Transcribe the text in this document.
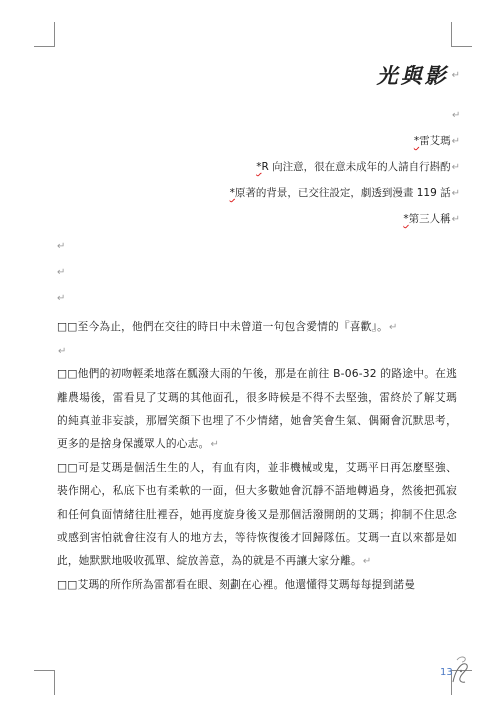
光與影 ↵
↵
*雷艾瑪↵
*R 向注意，很在意未成年的人請自行斟酌↵
*原著的背景，已交往設定，劇透到漫畫 119 話↵
*第三人稱↵
↵
↵
↵

□□至今為止，他們在交往的時日中未曾道一句包含愛情的『喜歡』。↵

↵

□□他們的初吻輕柔地落在瓢潑大雨的午後，那是在前往 B-06-32 的路途中。在逃離農場後，雷看見了艾瑪的其他面孔，很多時候是不得不去堅強，雷終於了解艾瑪的純真並非妄談，那層笑顏下也埋了不少情緒，她會笑會生氣、偶爾會沉默思考，更多的是捨身保護眾人的心志。↵

□□可是艾瑪是個活生生的人，有血有肉，並非機械或鬼，艾瑪平日再怎麼堅強、裝作開心，私底下也有柔軟的一面，但大多數她會沉靜不語地轉過身，然後把孤寂和任何負面情緒往肚裡吞，她再度旋身後又是那個活潑開朗的艾瑪；抑制不住思念或感到害怕就會往沒有人的地方去，等待恢復後才回歸隊伍。艾瑪一直以來都是如此，她默默地吸收孤單、綻放善意，為的就是不再讓大家分離。↵

□□艾瑪的所作所為雷都看在眼、刻劃在心裡。他還懂得艾瑪每每提到諾曼

13
